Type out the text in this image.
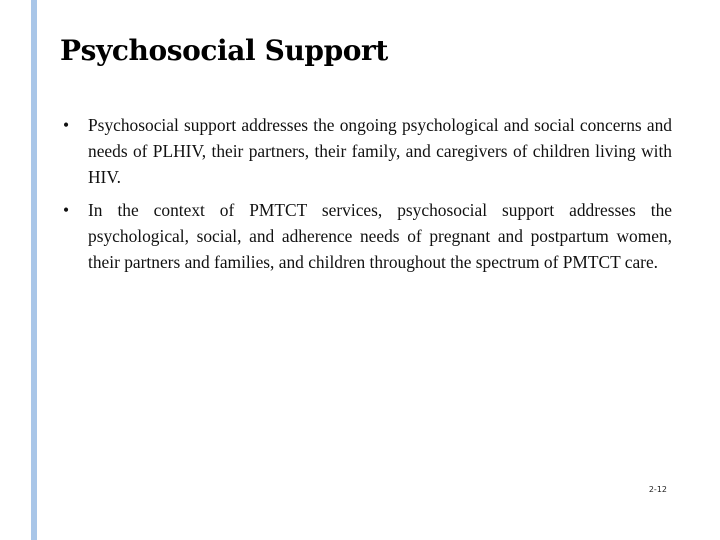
Psychosocial Support
• Psychosocial support addresses the ongoing psychological and social concerns and needs of PLHIV, their partners, their family, and caregivers of children living with HIV.
• In the context of PMTCT services, psychosocial support addresses the psychological, social, and adherence needs of pregnant and postpartum women, their partners and families, and children throughout the spectrum of PMTCT care.
2-12
